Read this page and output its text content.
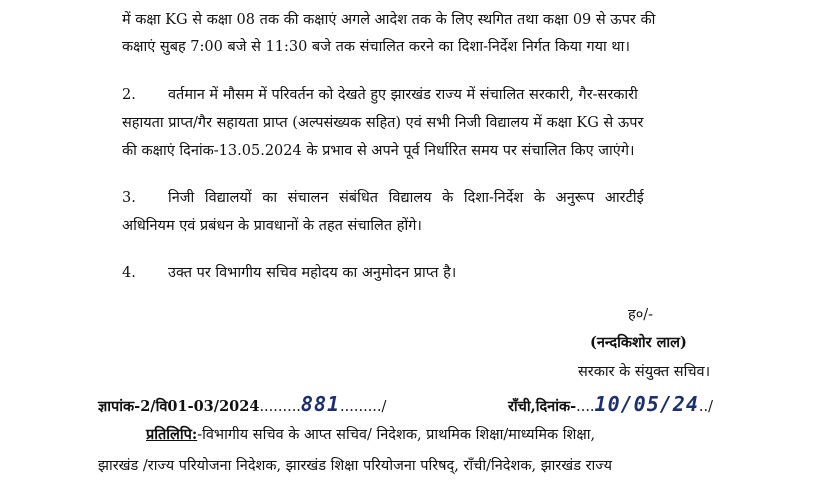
में कक्षा KG से कक्षा 08 तक की कक्षाएं अगले आदेश तक के लिए स्थगित तथा कक्षा 09 से ऊपर की
कक्षाएं सुबह 7:00 बजे से 11:30 बजे तक संचालित करने का दिशा-निर्देश निर्गत किया गया था।
2. वर्तमान में मौसम में परिवर्तन को देखते हुए झारखंड राज्य में संचालित सरकारी, गैर-सरकारी
सहायता प्राप्त/गैर सहायता प्राप्त (अल्पसंख्यक सहित) एवं सभी निजी विद्यालय में कक्षा KG से ऊपर
की कक्षाएं दिनांक-13.05.2024 के प्रभाव से अपने पूर्व निर्धारित समय पर संचालित किए जाएंगे।
3. निजी विद्यालयों का संचालन संबंधित विद्यालय के दिशा-निर्देश के अनुरूप आरटीई
अधिनियम एवं प्रबंधन के प्रावधानों के तहत संचालित होंगे।
4. उक्त पर विभागीय सचिव महोदय का अनुमोदन प्राप्त है।
ह०/-
(नन्दकिशोर लाल)
सरकार के संयुक्त सचिव।
ज्ञापांक-2/वि01-03/2024.........881........./	राँची,दिनांक-....10/05/24../
प्रतिलिपि:-विभागीय सचिव के आप्त सचिव/ निदेशक, प्राथमिक शिक्षा/माध्यमिक शिक्षा,
झारखंड /राज्य परियोजना निदेशक, झारखंड शिक्षा परियोजना परिषद्, राँची/निदेशक, झारखंड राज्य
